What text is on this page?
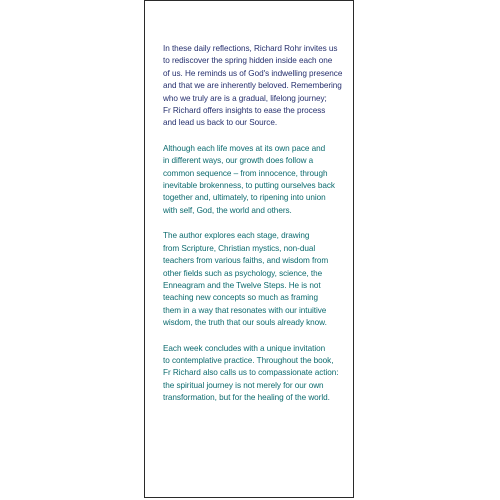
In these daily reflections, Richard Rohr invites us
to rediscover the spring hidden inside each one
of us. He reminds us of God's indwelling presence
and that we are inherently beloved. Remembering
who we truly are is a gradual, lifelong journey;
Fr Richard offers insights to ease the process
and lead us back to our Source.

Although each life moves at its own pace and
in different ways, our growth does follow a
common sequence – from innocence, through
inevitable brokenness, to putting ourselves back
together and, ultimately, to ripening into union
with self, God, the world and others.

The author explores each stage, drawing
from Scripture, Christian mystics, non-dual
teachers from various faiths, and wisdom from
other fields such as psychology, science, the
Enneagram and the Twelve Steps. He is not
teaching new concepts so much as framing
them in a way that resonates with our intuitive
wisdom, the truth that our souls already know.

Each week concludes with a unique invitation
to contemplative practice. Throughout the book,
Fr Richard also calls us to compassionate action:
the spiritual journey is not merely for our own
transformation, but for the healing of the world.
